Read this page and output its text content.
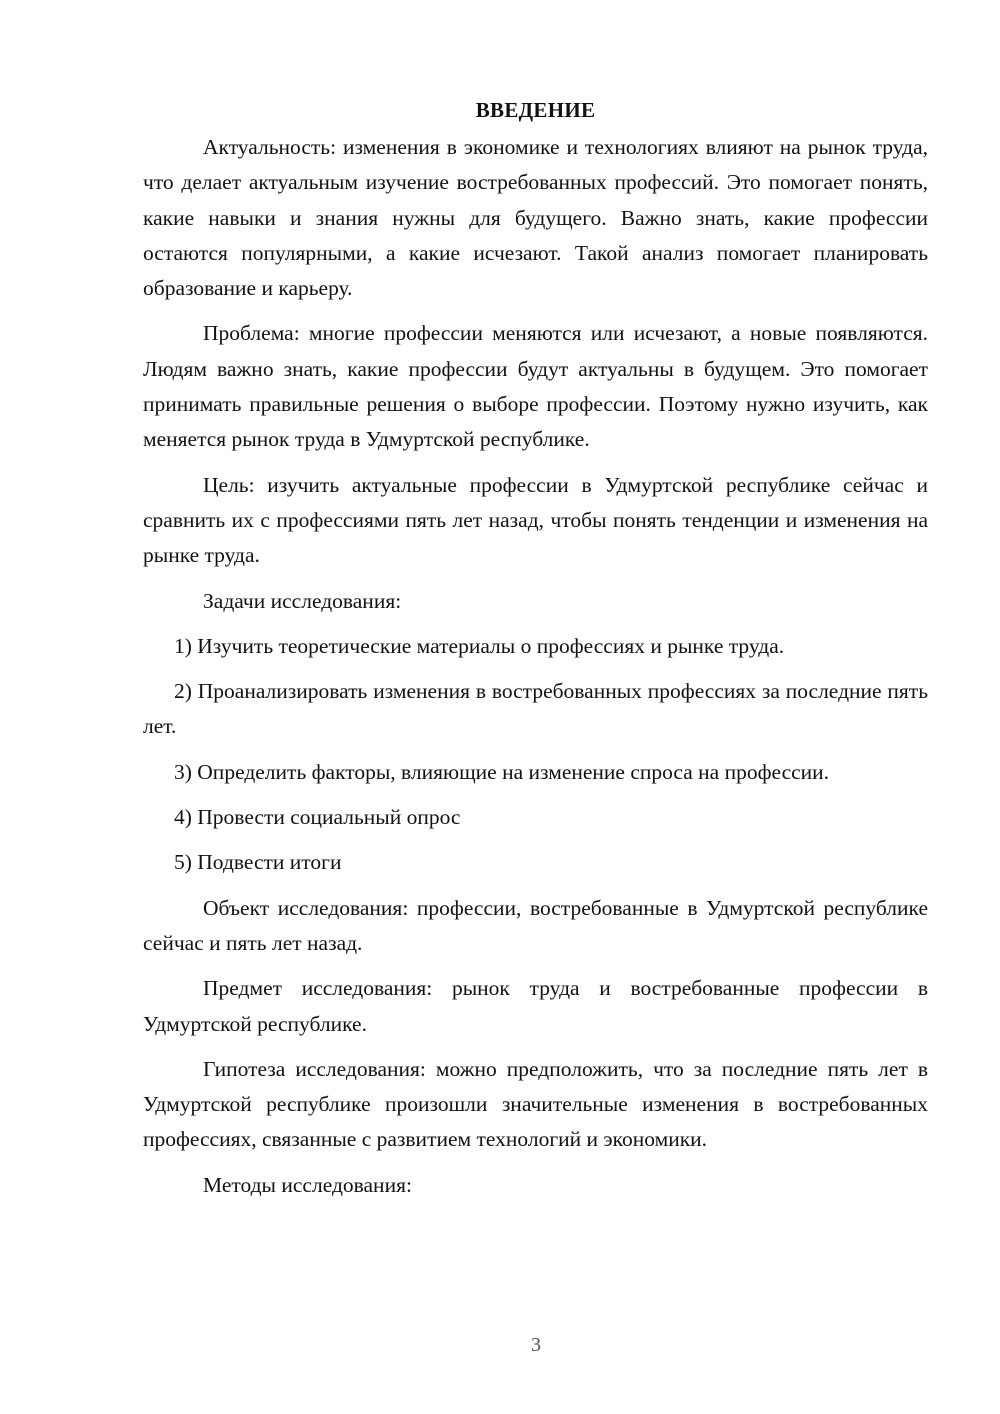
ВВЕДЕНИЕ

Актуальность: изменения в экономике и технологиях влияют на рынок труда, что делает актуальным изучение востребованных профессий. Это помогает понять, какие навыки и знания нужны для будущего. Важно знать, какие профессии остаются популярными, а какие исчезают. Такой анализ помогает планировать образование и карьеру.

Проблема: многие профессии меняются или исчезают, а новые появляются. Людям важно знать, какие профессии будут актуальны в будущем. Это помогает принимать правильные решения о выборе профессии. Поэтому нужно изучить, как меняется рынок труда в Удмуртской республике.

Цель: изучить актуальные профессии в Удмуртской республике сейчас и сравнить их с профессиями пять лет назад, чтобы понять тенденции и изменения на рынке труда.

Задачи исследования:

1) Изучить теоретические материалы о профессиях и рынке труда.

2) Проанализировать изменения в востребованных профессиях за последние пять лет.

3) Определить факторы, влияющие на изменение спроса на профессии.

4) Провести социальный опрос

5) Подвести итоги

Объект исследования: профессии, востребованные в Удмуртской республике сейчас и пять лет назад.

Предмет исследования: рынок труда и востребованные профессии в Удмуртской республике.

Гипотеза исследования: можно предположить, что за последние пять лет в Удмуртской республике произошли значительные изменения в востребованных профессиях, связанные с развитием технологий и экономики.

Методы исследования:

3
